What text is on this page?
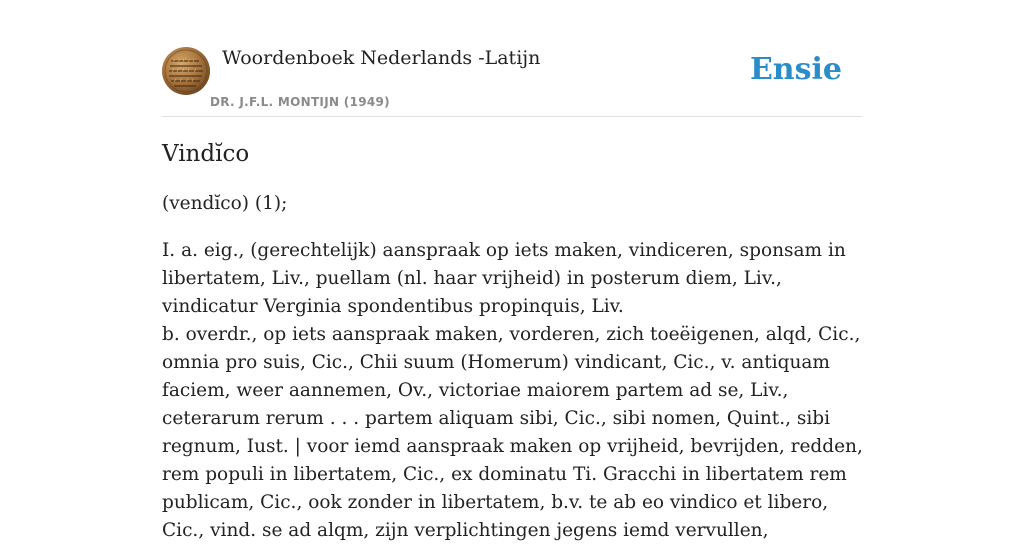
Woordenboek Nederlands -Latijn
DR. J.F.L. MONTIJN (1949)
Ensie
Vindĭco

(vendĭco) (1);

I. a. eig., (gerechtelijk) aanspraak op iets maken, vindiceren, sponsam in libertatem, Liv., puellam (nl. haar vrijheid) in posterum diem, Liv., vindicatur Verginia spondentibus propinquis, Liv.

b. overdr., op iets aanspraak maken, vorderen, zich toeëigenen, alqd, Cic., omnia pro suis, Cic., Chii suum (Homerum) vindicant, Cic., v. antiquam faciem, weer aannemen, Ov., victoriae maiorem partem ad se, Liv., ceterarum rerum . . . partem aliquam sibi, Cic., sibi nomen, Quint., sibi regnum, Iust. | voor iemd aanspraak maken op vrijheid, bevrijden, redden, rem populi in libertatem, Cic., ex dominatu Ti. Gracchi in libertatem rem publicam, Cic., ook zonder in libertatem, b.v. te ab eo vindico et libero, Cic., vind. se ad alqm, zijn verplichtingen jegens iemd vervullen,
